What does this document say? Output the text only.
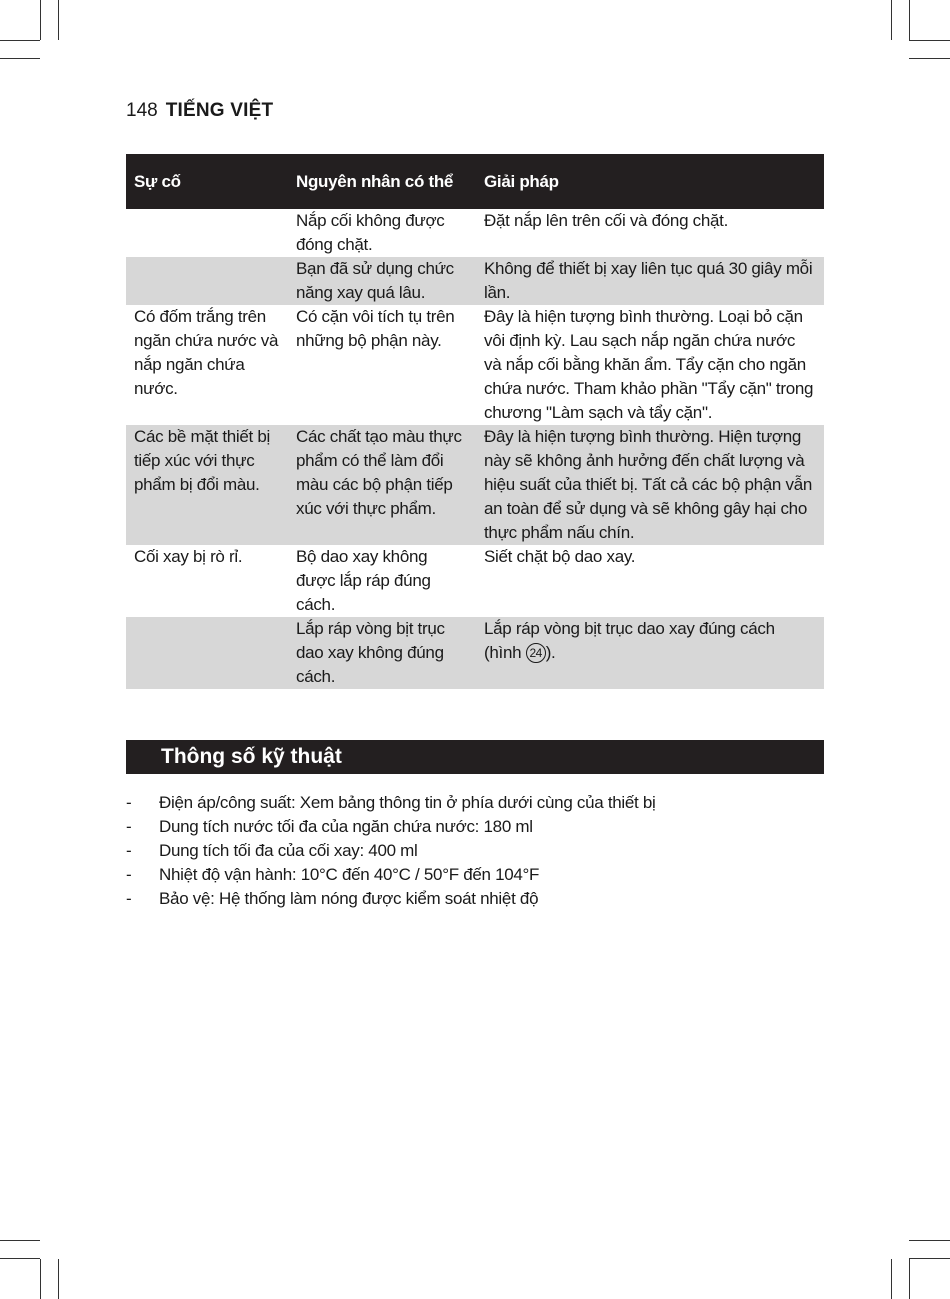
148 TIẾNG VIỆT
Sự cố	Nguyên nhân có thể	Giải pháp
	Nắp cối không được đóng chặt.	Đặt nắp lên trên cối và đóng chặt.
	Bạn đã sử dụng chức năng xay quá lâu.	Không để thiết bị xay liên tục quá 30 giây mỗi lần.
Có đốm trắng trên ngăn chứa nước và nắp ngăn chứa nước.	Có cặn vôi tích tụ trên những bộ phận này.	Đây là hiện tượng bình thường. Loại bỏ cặn vôi định kỳ. Lau sạch nắp ngăn chứa nước và nắp cối bằng khăn ẩm. Tẩy cặn cho ngăn chứa nước. Tham khảo phần "Tẩy cặn" trong chương "Làm sạch và tẩy cặn".
Các bề mặt thiết bị tiếp xúc với thực phẩm bị đổi màu.	Các chất tạo màu thực phẩm có thể làm đổi màu các bộ phận tiếp xúc với thực phẩm.	Đây là hiện tượng bình thường. Hiện tượng này sẽ không ảnh hưởng đến chất lượng và hiệu suất của thiết bị. Tất cả các bộ phận vẫn an toàn để sử dụng và sẽ không gây hại cho thực phẩm nấu chín.
Cối xay bị rò rỉ.	Bộ dao xay không được lắp ráp đúng cách.	Siết chặt bộ dao xay.
	Lắp ráp vòng bịt trục dao xay không đúng cách.	Lắp ráp vòng bịt trục dao xay đúng cách (hình 24 ).
Thông số kỹ thuật
- Điện áp/công suất: Xem bảng thông tin ở phía dưới cùng của thiết bị
- Dung tích nước tối đa của ngăn chứa nước: 180 ml
- Dung tích tối đa của cối xay: 400 ml
- Nhiệt độ vận hành: 10°C đến 40°C / 50°F đến 104°F
- Bảo vệ: Hệ thống làm nóng được kiểm soát nhiệt độ
